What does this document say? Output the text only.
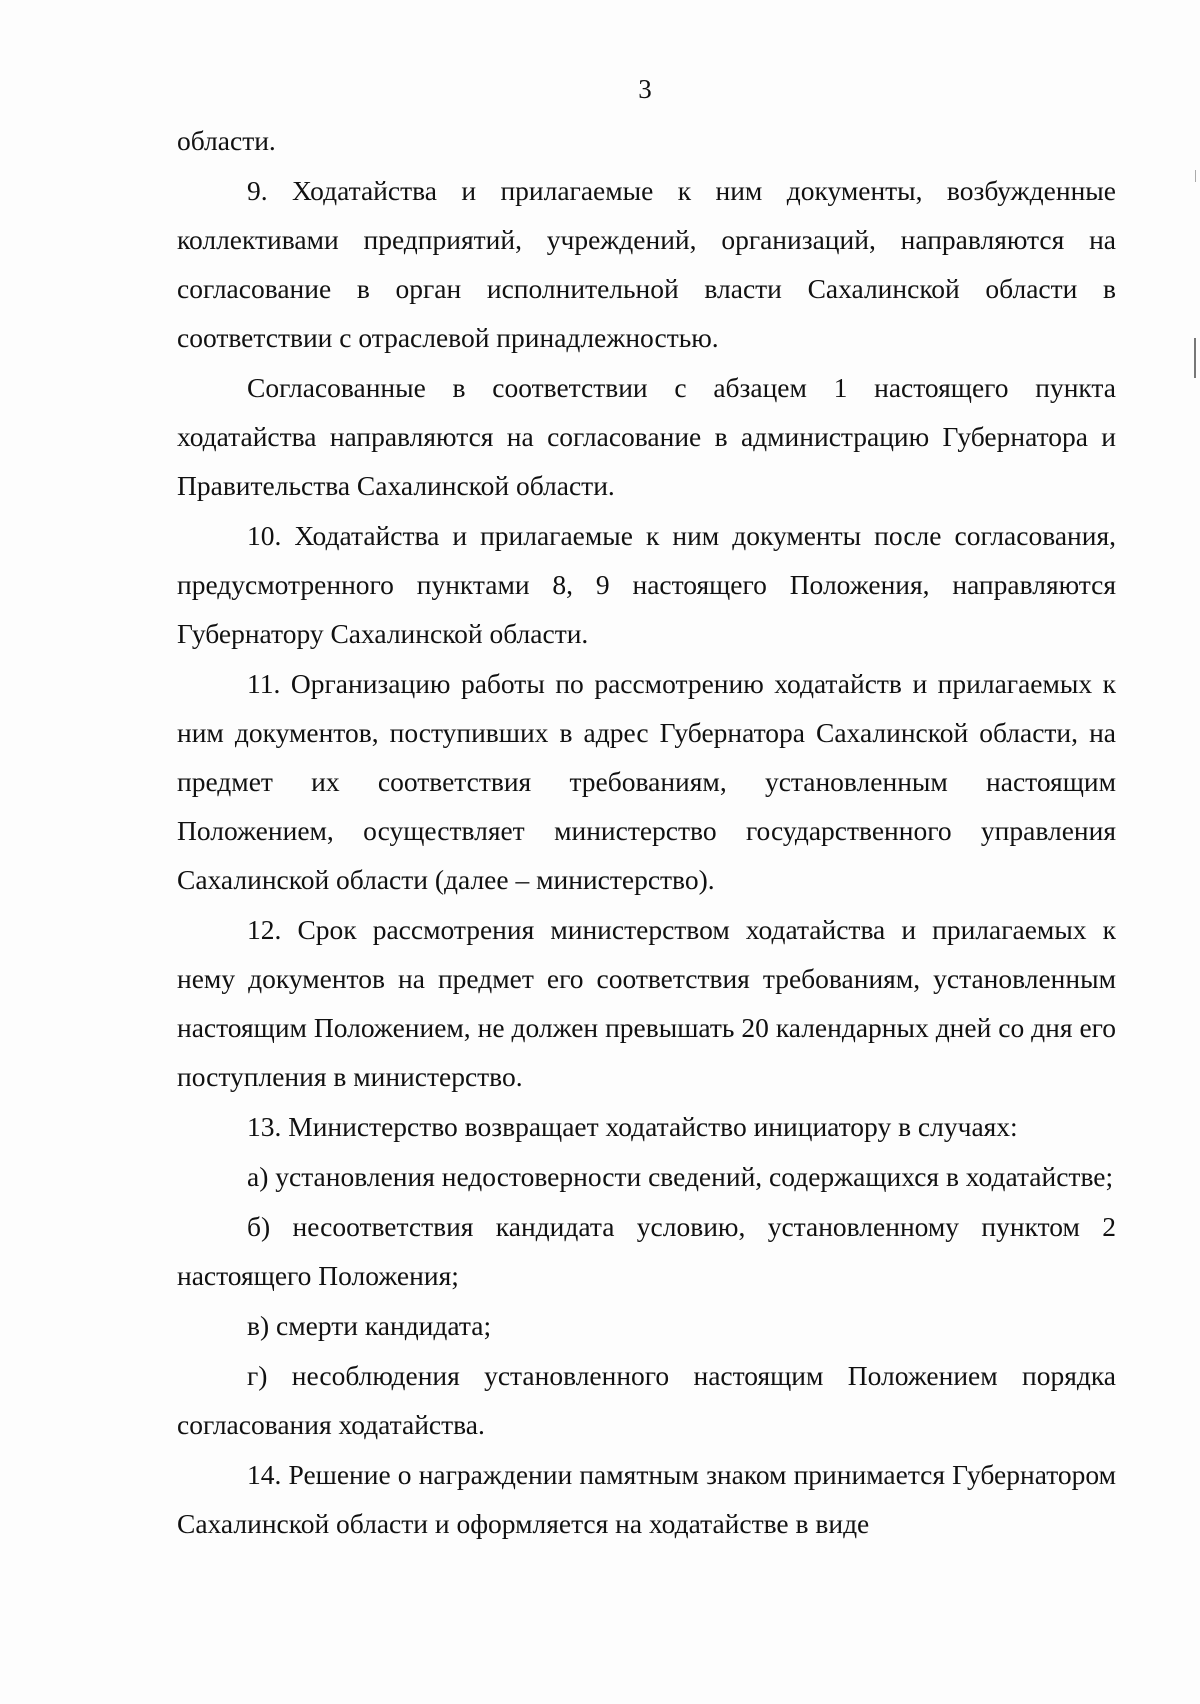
3

области.

9. Ходатайства и прилагаемые к ним документы, возбужденные коллективами предприятий, учреждений, организаций, направляются на согласование в орган исполнительной власти Сахалинской области в соответствии с отраслевой принадлежностью.

Согласованные в соответствии с абзацем 1 настоящего пункта ходатайства направляются на согласование в администрацию Губернатора и Правительства Сахалинской области.

10. Ходатайства и прилагаемые к ним документы после согласования, предусмотренного пунктами 8, 9 настоящего Положения, направляются Губернатору Сахалинской области.

11. Организацию работы по рассмотрению ходатайств и прилагаемых к ним документов, поступивших в адрес Губернатора Сахалинской области, на предмет их соответствия требованиям, установленным настоящим Положением, осуществляет министерство государственного управления Сахалинской области (далее – министерство).

12. Срок рассмотрения министерством ходатайства и прилагаемых к нему документов на предмет его соответствия требованиям, установленным настоящим Положением, не должен превышать 20 календарных дней со дня его поступления в министерство.

13. Министерство возвращает ходатайство инициатору в случаях:

а) установления недостоверности сведений, содержащихся в ходатайстве;

б) несоответствия кандидата условию, установленному пунктом 2 настоящего Положения;

в) смерти кандидата;

г) несоблюдения установленного настоящим Положением порядка согласования ходатайства.

14. Решение о награждении памятным знаком принимается Губернатором Сахалинской области и оформляется на ходатайстве в виде
